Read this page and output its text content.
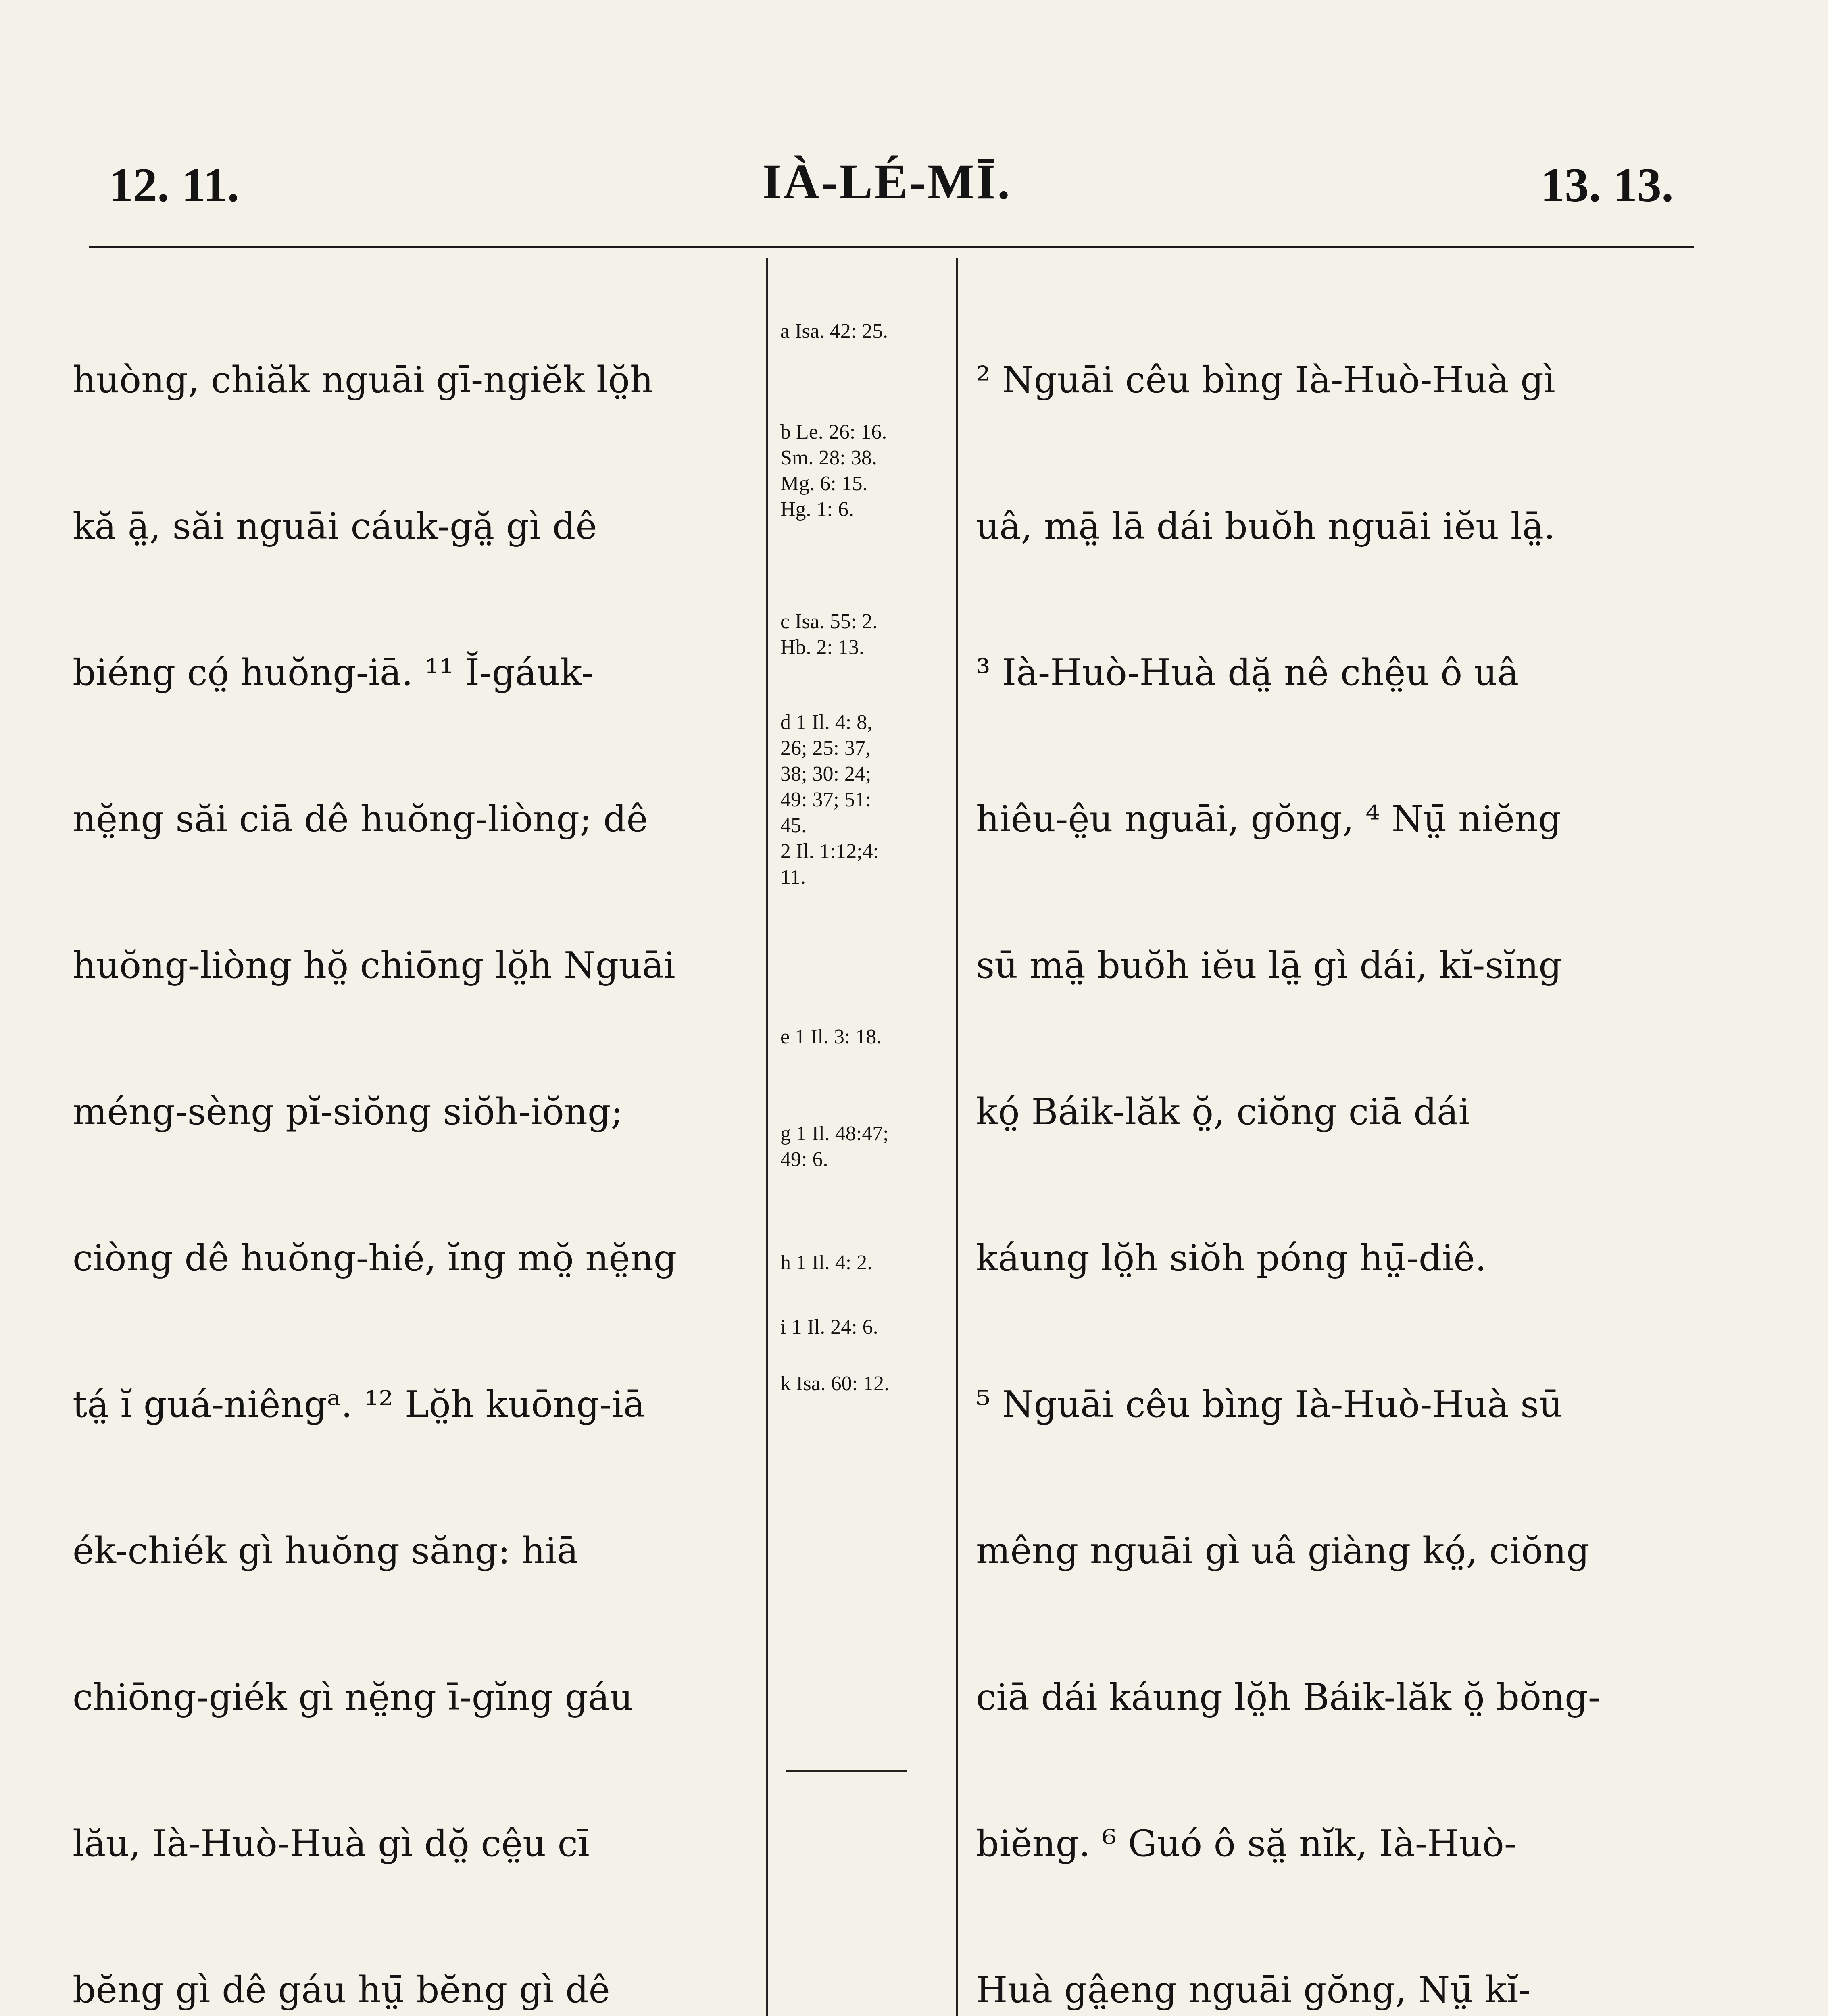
12. 11.	IÀ-LÉ-MĪ.	13. 13.

huòng, chiăk nguāi gī-ngiĕk lŏ̤h

kă ā̤, săi nguāi cáuk-gă̤ gì dê

biéng có̤ huŏng-iā. ¹¹ Ĭ-gáuk-

nĕ̤ng săi ciā dê huŏng-liòng; dê

huŏng-liòng hŏ̤ chiōng lŏ̤h Nguāi

méng-sèng pĭ-siŏng siŏh-iŏng;

ciòng dê huŏng-hié, ĭng mŏ̤ nĕ̤ng

tá̤ ĭ guá-niêngᵃ. ¹² Lŏ̤h kuōng-iā

ék-chiék gì huŏng săng: hiā

chiōng-giék gì nĕ̤ng ī-gĭng gáu

lău, Ià-Huò-Huà gì dŏ̤ cê̤u cī

bĕng gì dê gáu hṳ̄ bĕng gì dê

a Isa. 42: 25.
b Le. 26: 16.
Sm. 28: 38.
Mg. 6: 15.
Hg. 1: 6.
c Isa. 55: 2.
Hb. 2: 13.
d 1 Il. 4: 8,
26; 25: 37,
38; 30: 24;
49: 37; 51:
45.
2 Il. 1:12;4:
11.
e 1 Il. 3: 18.
g 1 Il. 48:47;
49: 6.
h 1 Il. 4: 2.
i 1 Il. 24: 6.
k Isa. 60: 12.

² Nguāi cêu bìng Ià-Huò-Huà gì

uâ, mā̤ lā dái buŏh nguāi iĕu lā̤.

³ Ià-Huò-Huà dă̤ nê chê̤u ô uâ

hiêu-ê̤u nguāi, gŏng, ⁴ Nṳ̄ niĕng

sū mā̤ buŏh iĕu lā̤ gì dái, kĭ-sĭng

kó̤ Báik-lăk ŏ̤, ciŏng ciā dái

káung lŏ̤h siŏh póng hṳ̄-diê.

⁵ Nguāi cêu bìng Ià-Huò-Huà sū

mêng nguāi gì uâ giàng kó̤, ciŏng

ciā dái káung lŏ̤h Báik-lăk ŏ̤ bŏng-

biĕng. ⁶ Guó ô să̤ nĭk, Ià-Huò-

Huà gâ̤eng nguāi gŏng, Nṳ̄ kĭ-
